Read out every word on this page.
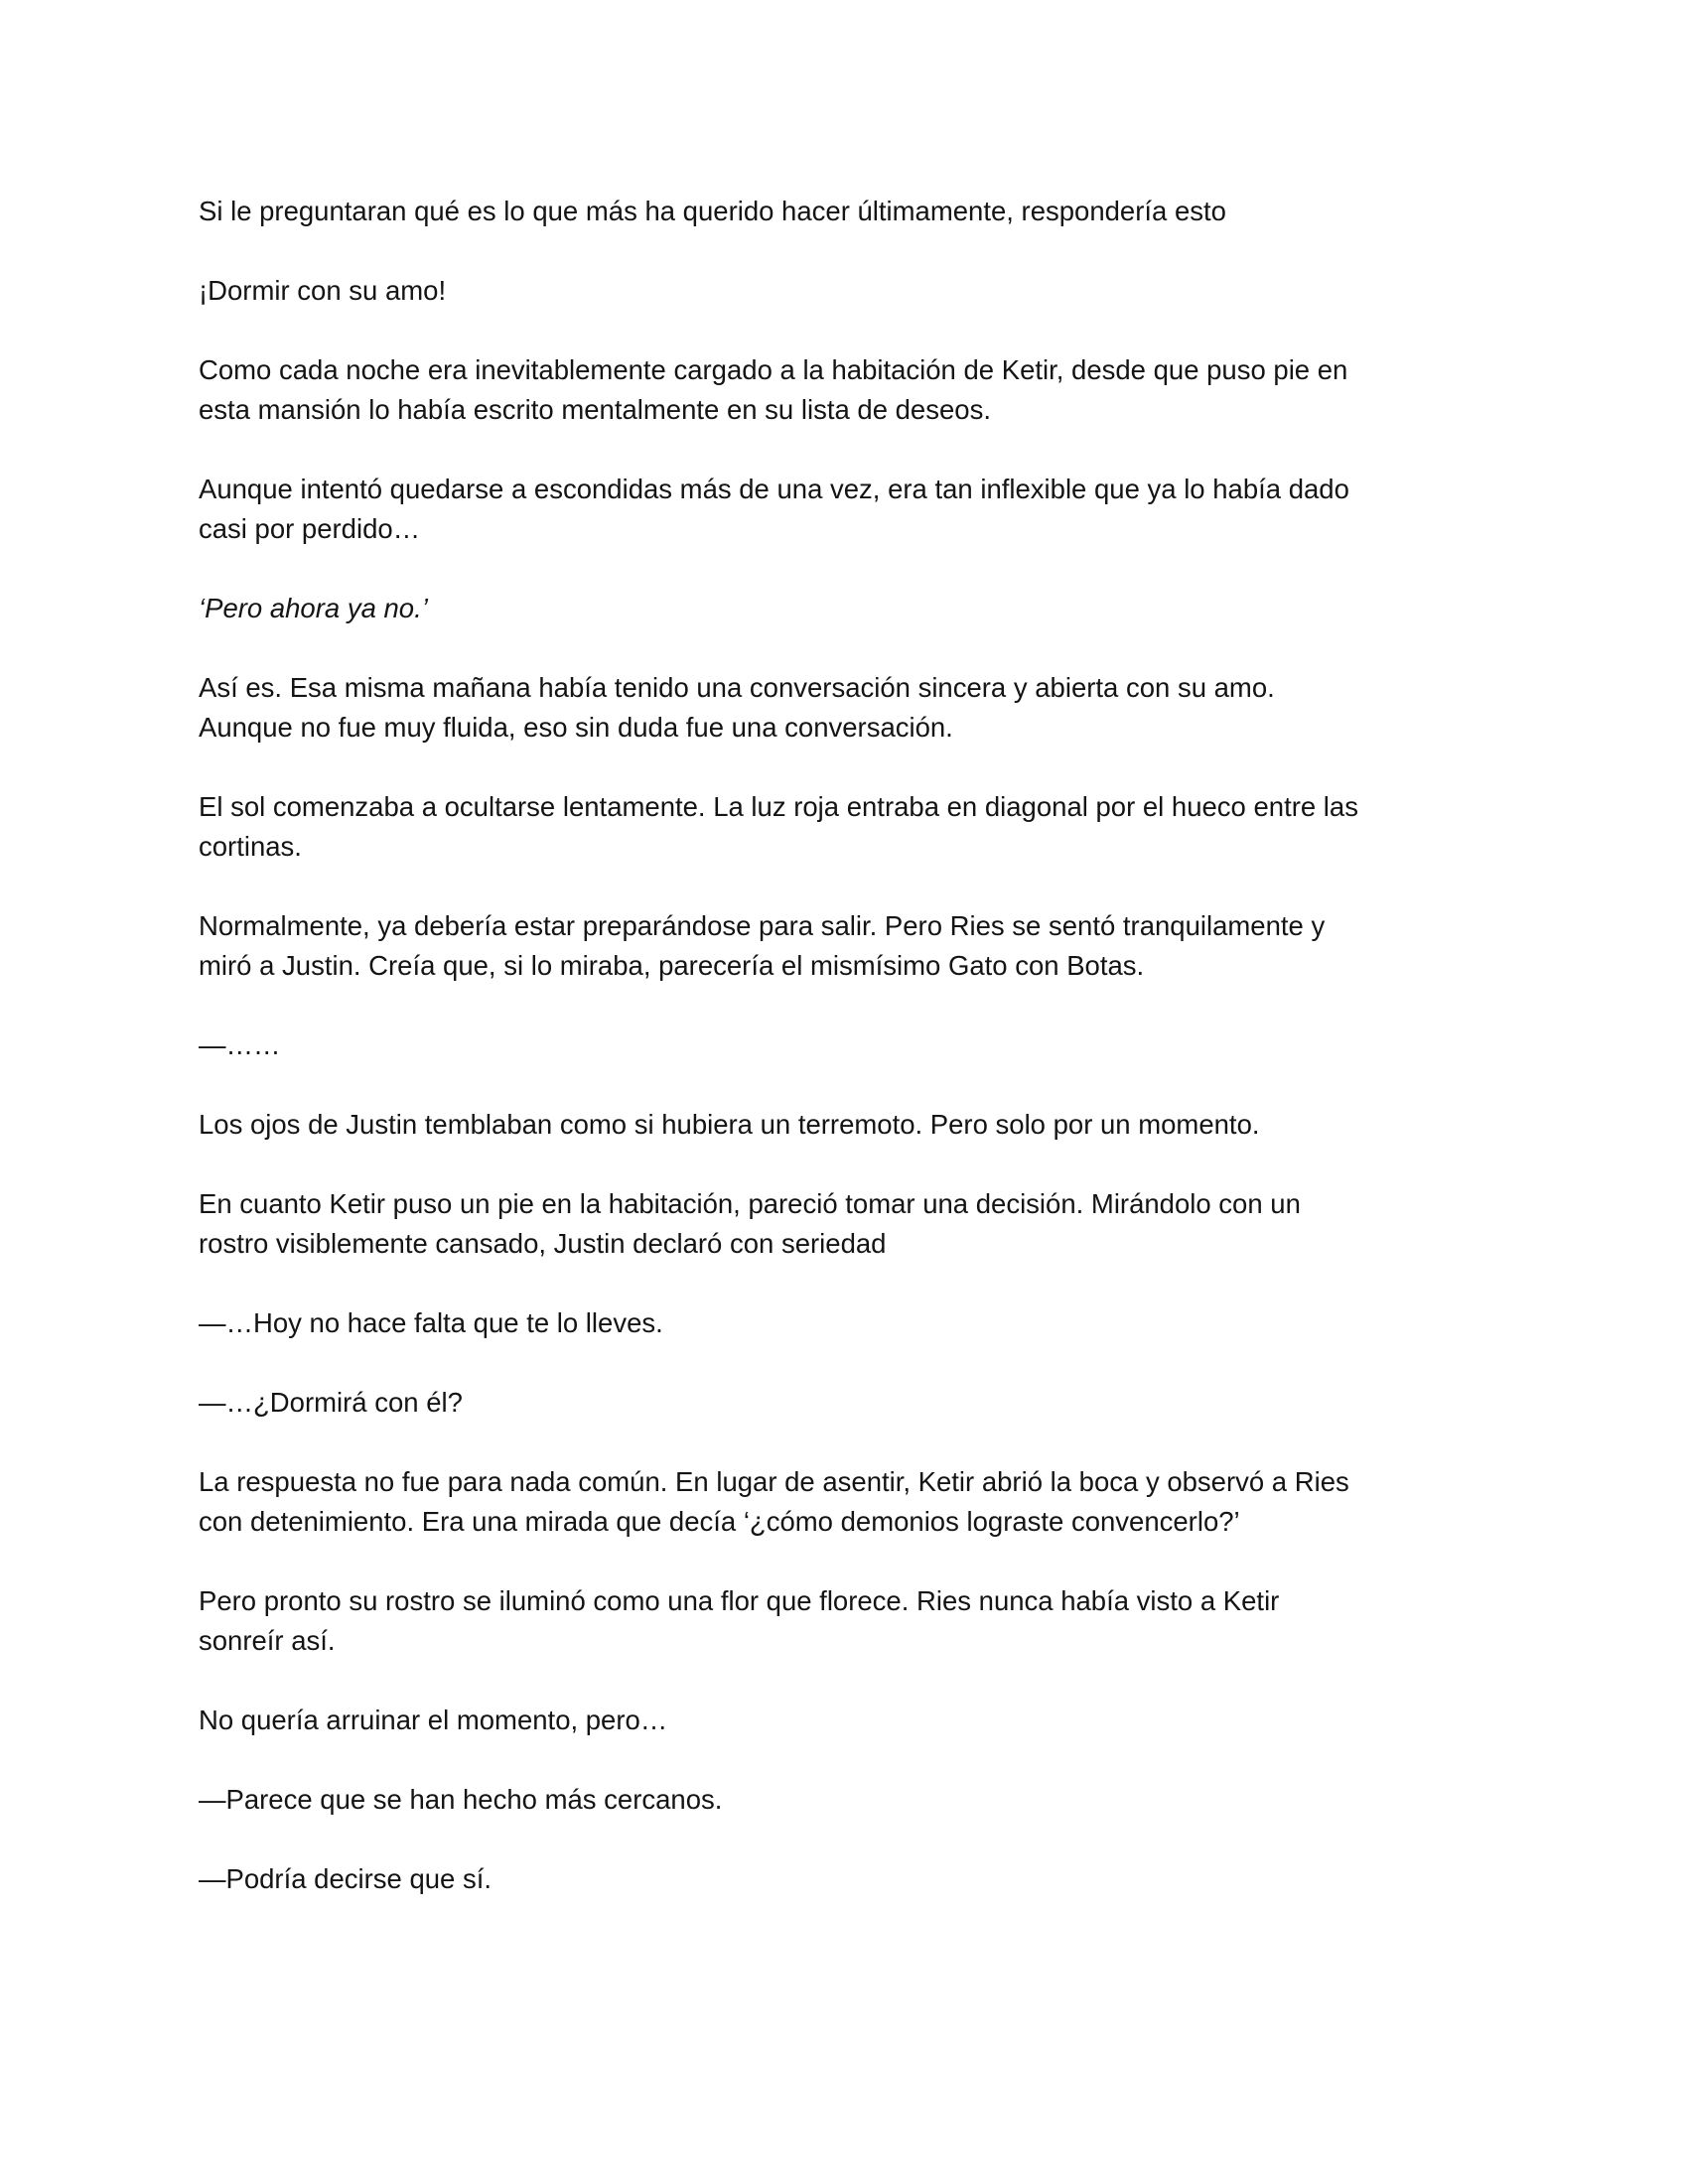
Si le preguntaran qué es lo que más ha querido hacer últimamente, respondería esto

¡Dormir con su amo!

Como cada noche era inevitablemente cargado a la habitación de Ketir, desde que puso pie en
esta mansión lo había escrito mentalmente en su lista de deseos.

Aunque intentó quedarse a escondidas más de una vez, era tan inflexible que ya lo había dado
casi por perdido…

‘Pero ahora ya no.’

Así es. Esa misma mañana había tenido una conversación sincera y abierta con su amo.
Aunque no fue muy fluida, eso sin duda fue una conversación.

El sol comenzaba a ocultarse lentamente. La luz roja entraba en diagonal por el hueco entre las
cortinas.

Normalmente, ya debería estar preparándose para salir. Pero Ries se sentó tranquilamente y
miró a Justin. Creía que, si lo miraba, parecería el mismísimo Gato con Botas.

—……

Los ojos de Justin temblaban como si hubiera un terremoto. Pero solo por un momento.

En cuanto Ketir puso un pie en la habitación, pareció tomar una decisión. Mirándolo con un
rostro visiblemente cansado, Justin declaró con seriedad

—…Hoy no hace falta que te lo lleves.

—…¿Dormirá con él?

La respuesta no fue para nada común. En lugar de asentir, Ketir abrió la boca y observó a Ries
con detenimiento. Era una mirada que decía ‘¿cómo demonios lograste convencerlo?’

Pero pronto su rostro se iluminó como una flor que florece. Ries nunca había visto a Ketir
sonreír así.

No quería arruinar el momento, pero…

—Parece que se han hecho más cercanos.

—Podría decirse que sí.
